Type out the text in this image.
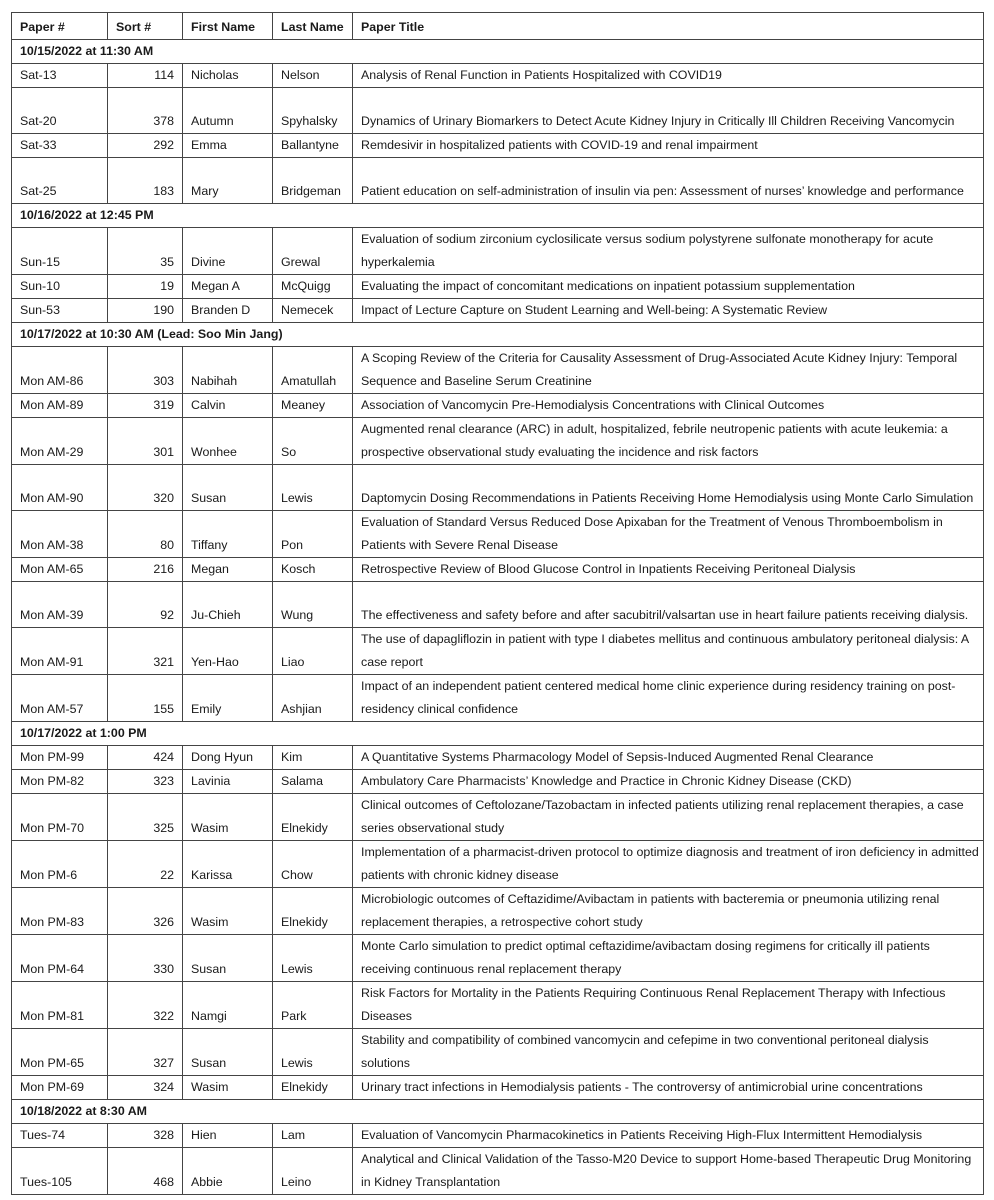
Paper #	Sort #	First Name	Last Name	Paper Title
10/15/2022 at 11:30 AM				
Sat-13	114	Nicholas	Nelson	Analysis of Renal Function in Patients Hospitalized with COVID19
Sat-20	378	Autumn	Spyhalsky	Dynamics of Urinary Biomarkers to Detect Acute Kidney Injury in Critically Ill Children Receiving Vancomycin
Sat-33	292	Emma	Ballantyne	Remdesivir in hospitalized patients with COVID-19 and renal impairment
Sat-25	183	Mary	Bridgeman	Patient education on self-administration of insulin via pen: Assessment of nurses’ knowledge and performance
10/16/2022 at 12:45 PM				
Sun-15	35	Divine	Grewal	Evaluation of sodium zirconium cyclosilicate versus sodium polystyrene sulfonate monotherapy for acute hyperkalemia
Sun-10	19	Megan A	McQuigg	Evaluating the impact of concomitant medications on inpatient potassium supplementation
Sun-53	190	Branden D	Nemecek	Impact of Lecture Capture on Student Learning and Well-being: A Systematic Review
10/17/2022 at 10:30 AM (Lead: Soo Min Jang)				
Mon AM-86	303	Nabihah	Amatullah	A Scoping Review of the Criteria for Causality Assessment of Drug-Associated Acute Kidney Injury: Temporal Sequence and Baseline Serum Creatinine
Mon AM-89	319	Calvin	Meaney	Association of Vancomycin Pre-Hemodialysis Concentrations with Clinical Outcomes
Mon AM-29	301	Wonhee	So	Augmented renal clearance (ARC) in adult, hospitalized, febrile neutropenic patients with acute leukemia: a prospective observational study evaluating the incidence and risk factors
Mon AM-90	320	Susan	Lewis	Daptomycin Dosing Recommendations in Patients Receiving Home Hemodialysis using Monte Carlo Simulation
Mon AM-38	80	Tiffany	Pon	Evaluation of Standard Versus Reduced Dose Apixaban for the Treatment of Venous Thromboembolism in Patients with Severe Renal Disease
Mon AM-65	216	Megan	Kosch	Retrospective Review of Blood Glucose Control in Inpatients Receiving Peritoneal Dialysis
Mon AM-39	92	Ju-Chieh	Wung	The effectiveness and safety before and after sacubitril/valsartan use in heart failure patients receiving dialysis.
Mon AM-91	321	Yen-Hao	Liao	The use of dapagliflozin in patient with type I diabetes mellitus and continuous ambulatory peritoneal dialysis: A case report
Mon AM-57	155	Emily	Ashjian	Impact of an independent patient centered medical home clinic experience during residency training on post-residency clinical confidence
10/17/2022 at 1:00 PM				
Mon PM-99	424	Dong Hyun	Kim	A Quantitative Systems Pharmacology Model of Sepsis-Induced Augmented Renal Clearance
Mon PM-82	323	Lavinia	Salama	Ambulatory Care Pharmacists’ Knowledge and Practice in Chronic Kidney Disease (CKD)
Mon PM-70	325	Wasim	Elnekidy	Clinical outcomes of Ceftolozane/Tazobactam in infected patients utilizing renal replacement therapies, a case series observational study
Mon PM-6	22	Karissa	Chow	Implementation of a pharmacist-driven protocol to optimize diagnosis and treatment of iron deficiency in admitted patients with chronic kidney disease
Mon PM-83	326	Wasim	Elnekidy	Microbiologic outcomes of Ceftazidime/Avibactam in patients with bacteremia or pneumonia utilizing renal replacement therapies, a retrospective cohort study
Mon PM-64	330	Susan	Lewis	Monte Carlo simulation to predict optimal ceftazidime/avibactam dosing regimens for critically ill patients receiving continuous renal replacement therapy
Mon PM-81	322	Namgi	Park	Risk Factors for Mortality in the Patients Requiring Continuous Renal Replacement Therapy with Infectious Diseases
Mon PM-65	327	Susan	Lewis	Stability and compatibility of combined vancomycin and cefepime in two conventional peritoneal dialysis solutions
Mon PM-69	324	Wasim	Elnekidy	Urinary tract infections in Hemodialysis patients - The controversy of antimicrobial urine concentrations
10/18/2022 at 8:30 AM				
Tues-74	328	Hien	Lam	Evaluation of Vancomycin Pharmacokinetics in Patients Receiving High-Flux Intermittent Hemodialysis
Tues-105	468	Abbie	Leino	Analytical and Clinical Validation of the Tasso-M20 Device to support Home-based Therapeutic Drug Monitoring in Kidney Transplantation
